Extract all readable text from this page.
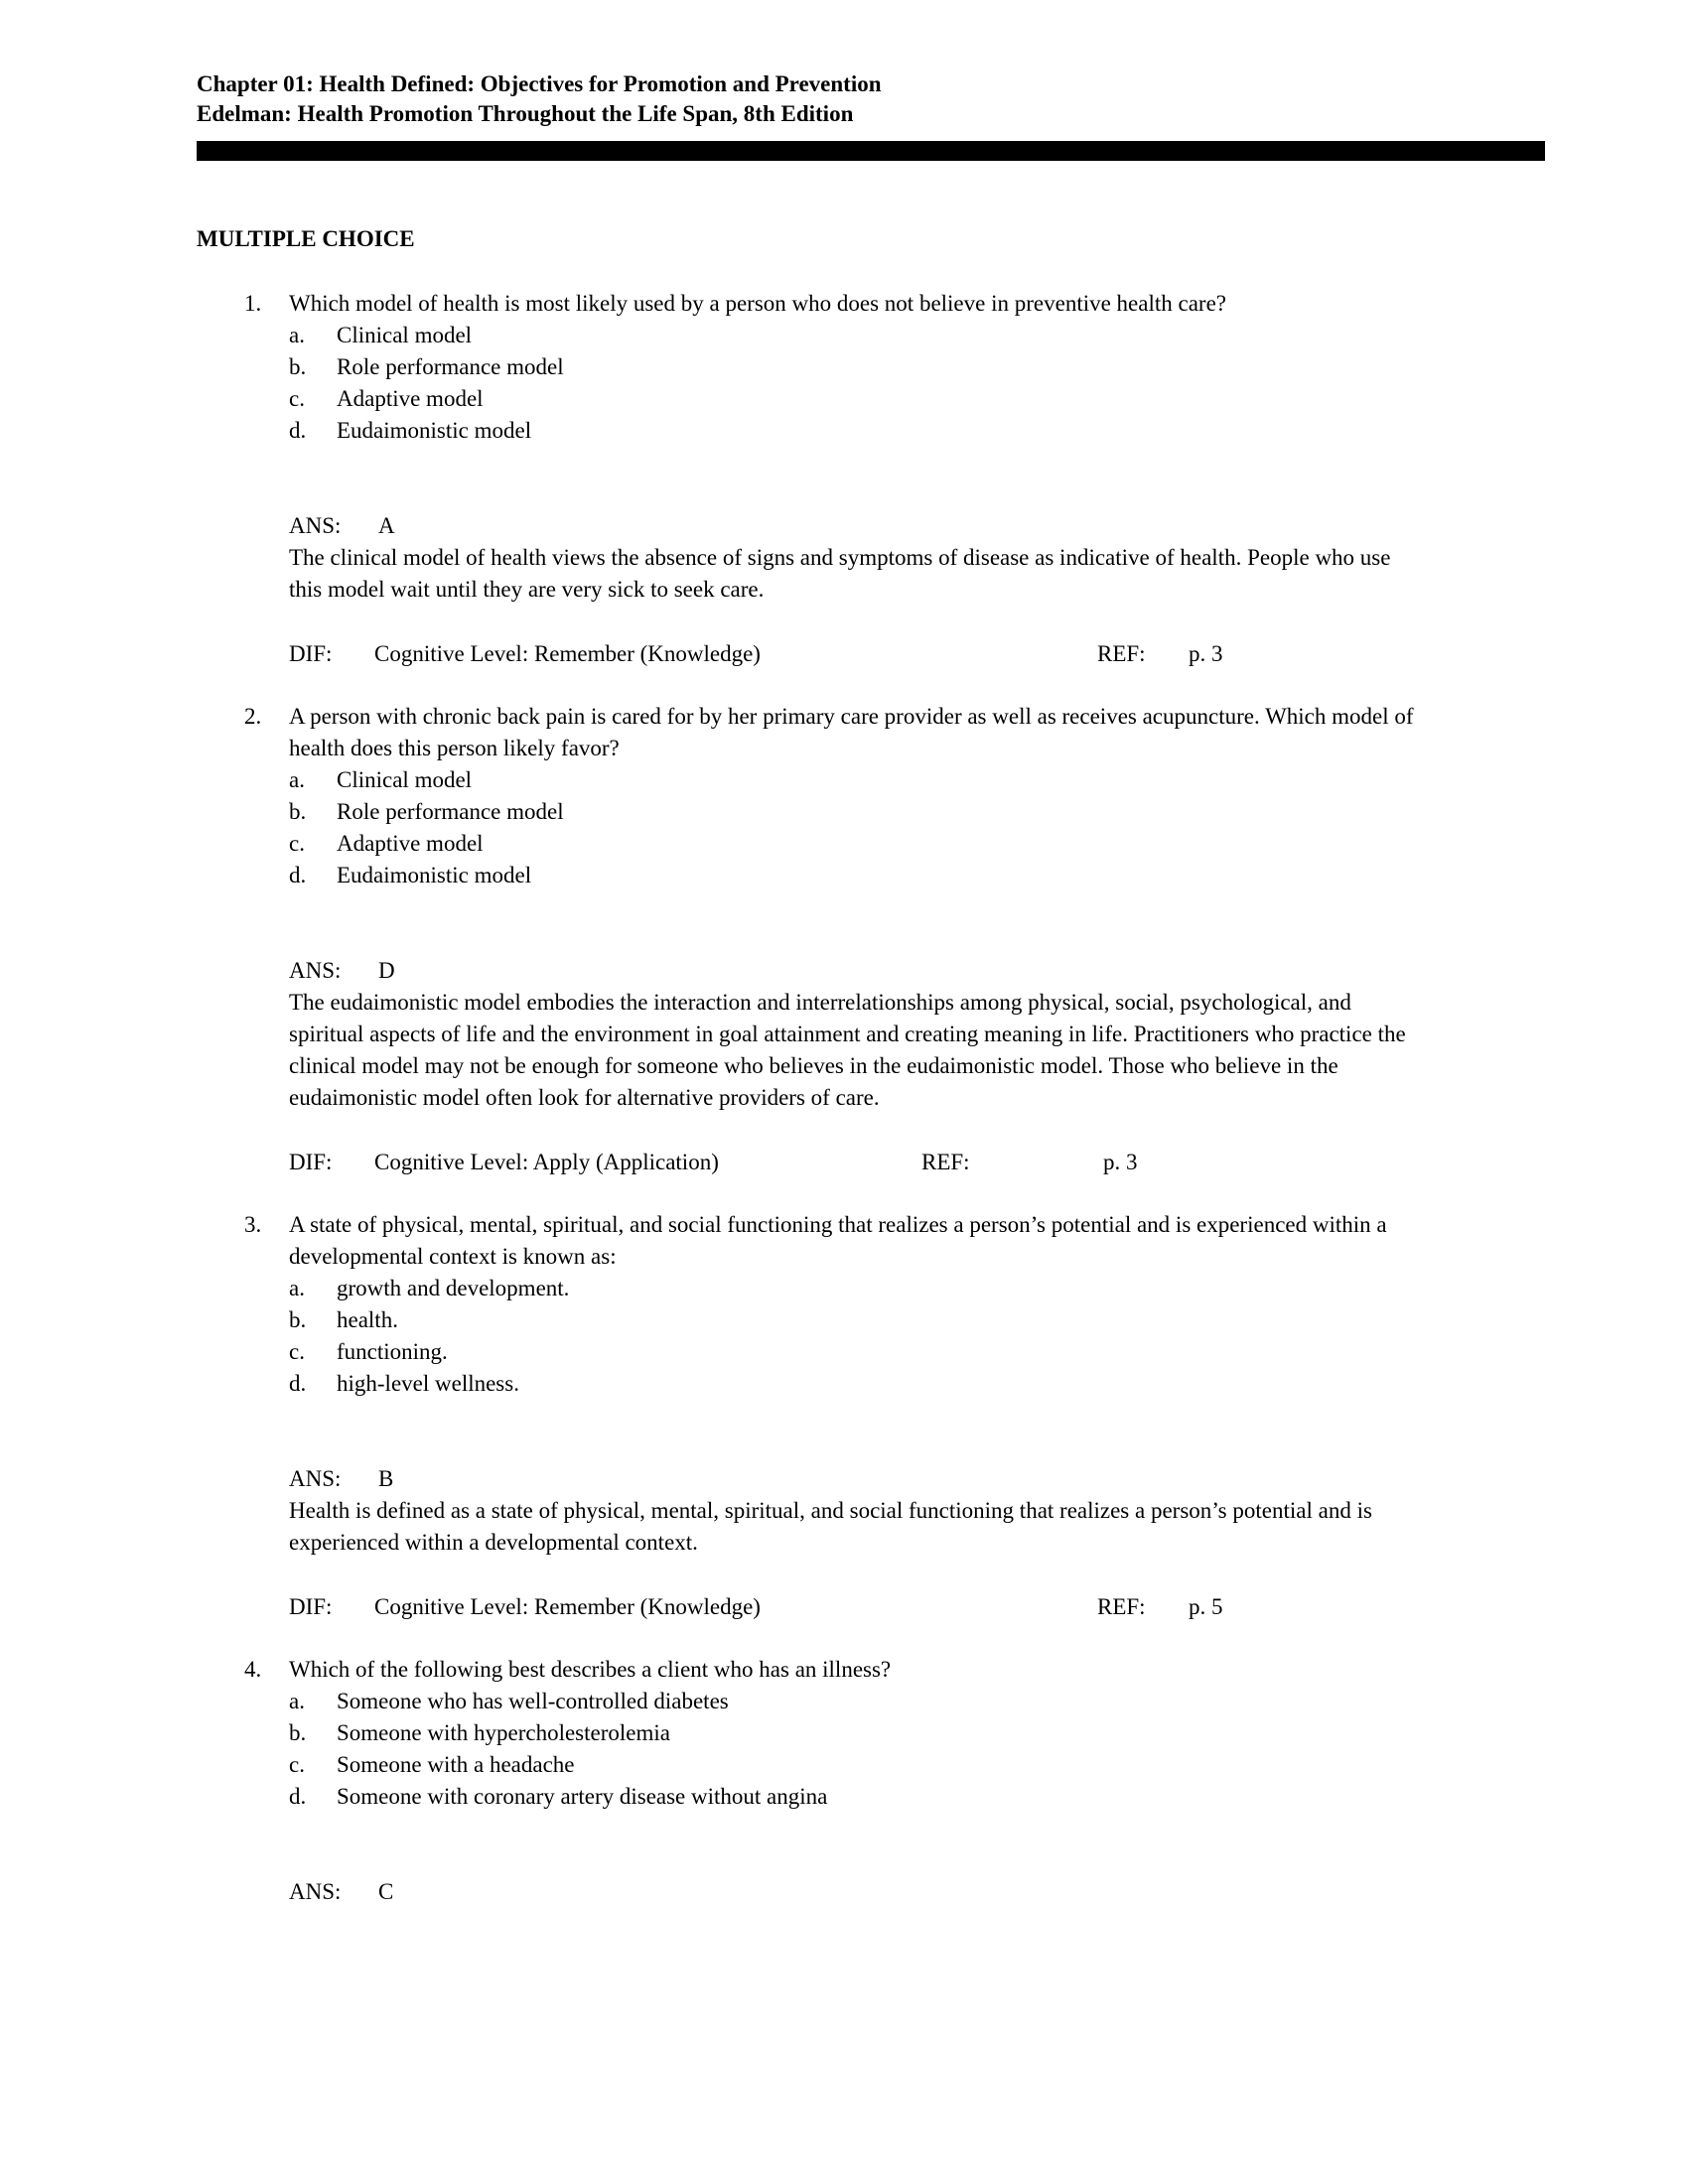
Chapter 01: Health Defined: Objectives for Promotion and Prevention
Edelman: Health Promotion Throughout the Life Span, 8th Edition
MULTIPLE CHOICE
1.	Which model of health is most likely used by a person who does not believe in preventive health care?
a.	Clinical model
b.	Role performance model
c.	Adaptive model
d.	Eudaimonistic model
ANS: A
The clinical model of health views the absence of signs and symptoms of disease as indicative of health. People who use this model wait until they are very sick to seek care.
DIF: Cognitive Level: Remember (Knowledge)	REF: p. 3
2.	A person with chronic back pain is cared for by her primary care provider as well as receives acupuncture. Which model of health does this person likely favor?
a.	Clinical model
b.	Role performance model
c.	Adaptive model
d.	Eudaimonistic model
ANS: D
The eudaimonistic model embodies the interaction and interrelationships among physical, social, psychological, and spiritual aspects of life and the environment in goal attainment and creating meaning in life. Practitioners who practice the clinical model may not be enough for someone who believes in the eudaimonistic model. Those who believe in the eudaimonistic model often look for alternative providers of care.
DIF: Cognitive Level: Apply (Application)	REF:	p. 3
3.	A state of physical, mental, spiritual, and social functioning that realizes a person’s potential and is experienced within a developmental context is known as:
a.	growth and development.
b.	health.
c.	functioning.
d.	high-level wellness.
ANS: B
Health is defined as a state of physical, mental, spiritual, and social functioning that realizes a person’s potential and is experienced within a developmental context.
DIF: Cognitive Level: Remember (Knowledge)	REF: p. 5
4.	Which of the following best describes a client who has an illness?
a.	Someone who has well-controlled diabetes
b.	Someone with hypercholesterolemia
c.	Someone with a headache
d.	Someone with coronary artery disease without angina
ANS: C
